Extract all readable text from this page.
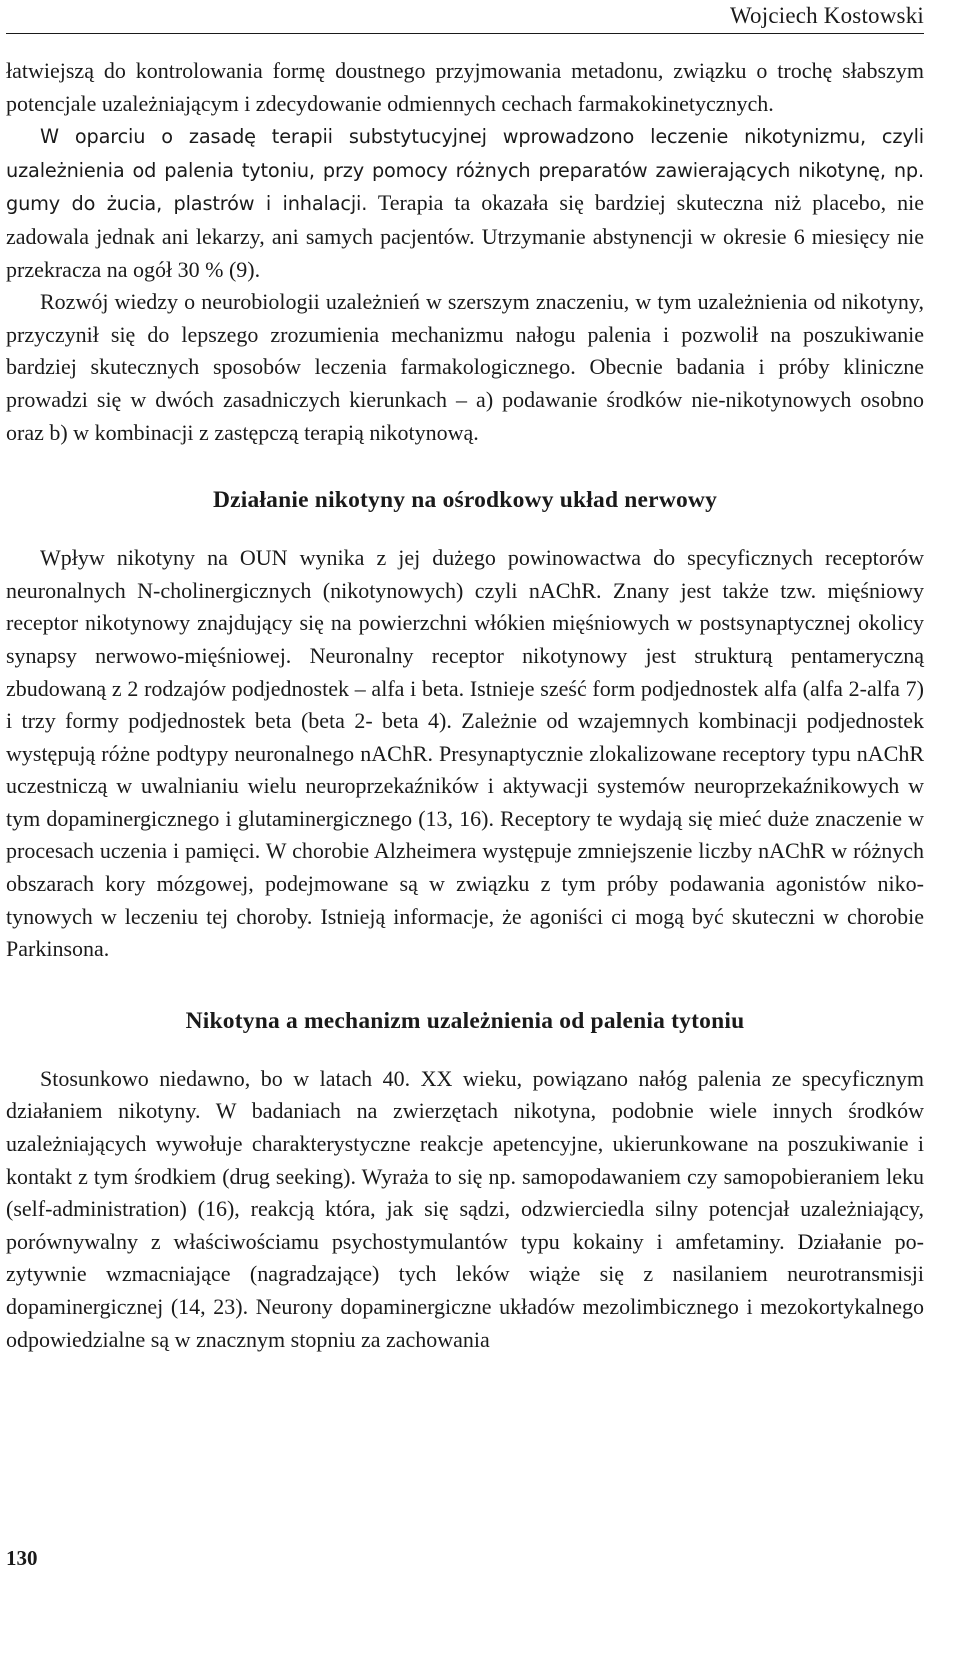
Wojciech Kostowski

łatwiejszą do kontrolowania formę doustnego przyjmowania metadonu, związku o trochę słabszym potencjale uzależniającym i zdecydowanie odmiennych cechach farmakokinetycznych.

W oparciu o zasadę terapii substytucyjnej wprowadzono leczenie nikotynizmu, czyli uzależnienia od palenia tytoniu, przy pomocy różnych preparatów zawierających nikotynę, np. gumy do żucia, plastrów i inhalacji. Terapia ta okazała się bardziej skuteczna niż placebo, nie zadowala jednak ani lekarzy, ani samych pacjentów. Utrzymanie abstynencji w okresie 6 miesięcy nie przekracza na ogół 30 % (9).

Rozwój wiedzy o neurobiologii uzależnień w szerszym znaczeniu, w tym uzależnienia od nikotyny, przyczynił się do lepszego zrozumienia mechanizmu nałogu palenia i pozwolił na poszukiwanie bardziej skutecznych sposobów leczenia farmakologicznego. Obecnie badania i próby kliniczne prowadzi się w dwóch zasadniczych kierunkach – a) podawanie środków nie-nikotynowych osobno oraz b) w kombinacji z zastępczą terapią nikotynową.

Działanie nikotyny na ośrodkowy układ nerwowy

Wpływ nikotyny na OUN wynika z jej dużego powinowactwa do specyficznych receptorów neuronalnych N-cholinergicznych (nikotynowych) czyli nAChR. Znany jest także tzw. mięśniowy receptor nikotynowy znajdujący się na powierzchni włókien mięśniowych w postsynaptycznej okolicy synapsy nerwowo-mięśniowej. Neuronalny receptor nikotynowy jest strukturą pentameryczną zbudowaną z 2 rodzajów podjednostek – alfa i beta. Istnieje sześć form podjednostek alfa (alfa 2-alfa 7) i trzy formy podjednostek beta (beta 2- beta 4). Zależnie od wzajemnych kombinacji podjednostek występują różne podtypy neuronalnego nAChR. Presynaptycznie zlokalizowane receptory typu nAChR uczestniczą w uwalnianiu wielu neuroprzekaźników i aktywacji systemów neuroprzekaźnikowych w tym dopaminergicznego i glutaminergicznego (13, 16). Receptory te wydają się mieć duże znaczenie w procesach uczenia i pamięci. W chorobie Alzheimera występuje zmniejszenie liczby nAChR w różnych obszarach kory mózgowej, podejmowane są w związku z tym próby podawania agonistów nikotynowych w leczeniu tej choroby. Istnieją informacje, że agoniści ci mogą być skuteczni w chorobie Parkinsona.

Nikotyna a mechanizm uzależnienia od palenia tytoniu

Stosunkowo niedawno, bo w latach 40. XX wieku, powiązano nałóg palenia ze specyficznym działaniem nikotyny. W badaniach na zwierzętach nikotyna, podobnie wiele innych środków uzależniających wywołuje charakterystyczne reakcje apetencyjne, ukierunkowane na poszukiwanie i kontakt z tym środkiem (drug seeking). Wyraża to się np. samopodawaniem czy samopobieraniem leku (self-administration) (16), reakcją która, jak się sądzi, odzwierciedla silny potencjał uzależniający, porównywalny z właściwościamu psychostymulantów typu kokainy i amfetaminy. Działanie pozytywnie wzmacniające (nagradzające) tych leków wiąże się z nasilaniem neurotransmisji dopaminergicznej (14, 23). Neurony dopaminergiczne układów mezolimbicznego i mezokortykalnego odpowiedzialne są w znacznym stopniu za zachowania

130
